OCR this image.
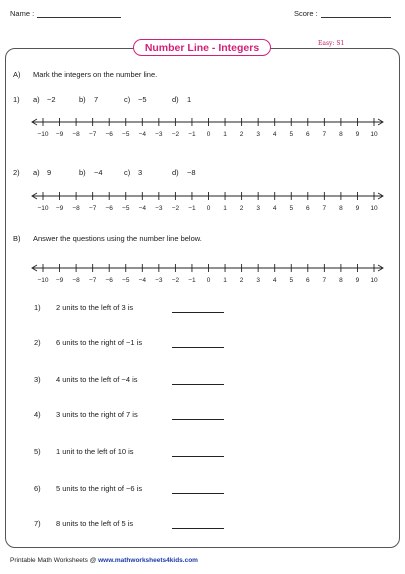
Name :	Score :
Number Line - Integers	Easy: S1
A) Mark the integers on the number line.
1) a) −2	b) 7	c) −5	d) 1
−10 −9 −8 −7 −6 −5 −4 −3 −2 −1 0 1 2 3 4 5 6 7 8 9 10
2) a) 9	b) −4	c) 3	d) −8
−10 −9 −8 −7 −6 −5 −4 −3 −2 −1 0 1 2 3 4 5 6 7 8 9 10
B) Answer the questions using the number line below.
−10 −9 −8 −7 −6 −5 −4 −3 −2 −1 0 1 2 3 4 5 6 7 8 9 10
1) 2 units to the left of 3 is
2) 6 units to the right of −1 is
3) 4 units to the left of −4 is
4) 3 units to the right of 7 is
5) 1 unit to the left of 10 is
6) 5 units to the right of −6 is
7) 8 units to the left of 5 is
Printable Math Worksheets @ www.mathworksheets4kids.com
